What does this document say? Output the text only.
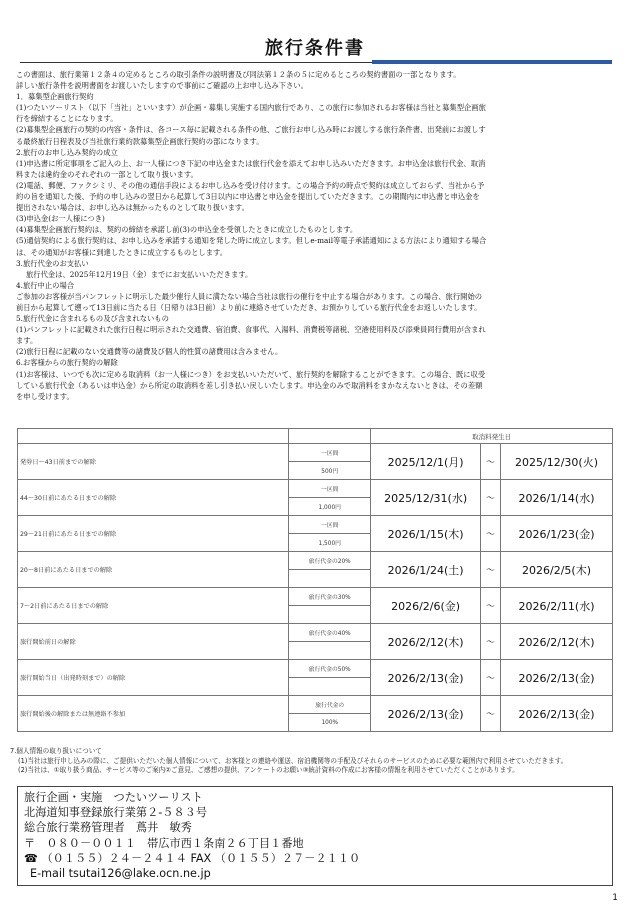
旅行条件書

この書面は、旅行業第１２条４の定めるところの取引条件の説明書及び同法第１２条の５に定めるところの契約書面の一部となります。

詳しい旅行条件を説明書面をお渡しいたしますので事前にご確認の上お申し込み下さい。

1．募集型企画旅行契約

(1)つたいツーリスト（以下「当社」といいます）が企画・募集し実施する国内旅行であり、この旅行に参加されるお客様は当社と募集型企画旅

行を締結することになります。

(2)募集型企画旅行の契約の内容・条件は、各コース毎に記載される条件の他、ご旅行お申し込み時にお渡しする旅行条件書、出発前にお渡しす

る最終旅行日程表及び当社旅行業約款募集型企画旅行契約の部になります。

2.旅行のお申し込み契約の成立

(1)申込書に所定事項をご記入の上、お一人様につき下記の申込金または旅行代金を添えてお申し込みいただきます。お申込金は旅行代金、取消

料または違約金のそれぞれの一部として取り扱います。

(2)電話、郵便、ファクシミリ、その他の通信手段によるお申し込みを受け付けます。この場合予約の時点で契約は成立しておらず、当社から予

約の旨を通知した後、予約の申し込みの翌日から起算して3日以内に申込書と申込金を提出していただきます。この期間内に申込書と申込金を

提出されない場合は、お申し込みは無かったものとして取り扱います。

(3)申込金(お一人様につき)

(4)募集型企画旅行契約は、契約の締結を承諾し前(3)の申込金を受領したときに成立したものとします。

(5)通信契約による旅行契約は、お申し込みを承諾する通知を発した時に成立します。但しe-mail等電子承諾通知による方法により通知する場合

は、その通知がお客様に到達したときに成立するものとします。

3.旅行代金のお支払い

旅行代金は、2025年12月19日（金）までにお支払いいただきます。

4.旅行中止の場合

ご参加のお客様が当パンフレットに明示した最少催行人員に満たない場合当社は旅行の催行を中止する場合があります。この場合、旅行開始の

前日から起算して遡って13日前に当たる日（日帰りは3日前）より前に連絡させていただき、お預かりしている旅行代金をお返しいたします。

5.旅行代金に含まれるもの及び含まれないもの

(1)パンフレットに記載された旅行日程に明示された交通費、宿泊費、食事代、入湯料、消費税等諸税、空港使用料及び添乗員同行費用が含まれ

ます。

(2)旅行日程に記載のない交通費等の諸費及び個人的性質の諸費用は含みません。

6.お客様からの旅行契約の解除

(1)お客様は、いつでも次に定める取消料（お一人様につき）をお支払いいただいて、旅行契約を解除することができます。この場合、既に収受

している旅行代金（あるいは申込金）から所定の取消料を差し引き払い戻しいたします。申込金のみで取消料をまかなえないときは、その差額

を申し受けます。

		取消料発生日		
発券日〜43日前までの解除	一区間	2025/12/1(月)	〜	2025/12/30(火)
	500円			
44〜30日前にあたる日までの解除	一区間	2025/12/31(水)	〜	2026/1/14(水)
	1,000円			
29〜21日前にあたる日までの解除	一区間	2026/1/15(木)	〜	2026/1/23(金)
	1,500円			
20〜8日前にあたる日までの解除	旅行代金の20%	2026/1/24(土)	〜	2026/2/5(木)

7〜2日前にあたる日までの解除	旅行代金の30%	2026/2/6(金)	〜	2026/2/11(水)

旅行開始前日の解除	旅行代金の40%	2026/2/12(木)	〜	2026/2/12(木)

旅行開始当日（出発時刻まで）の解除	旅行代金の50%	2026/2/13(金)	〜	2026/2/13(金)

旅行開始後の解除または無連絡不参加	旅行代金の	2026/2/13(金)	〜	2026/2/13(金)
	100%			

7.個人情報の取り扱いについて

(1)当社は旅行申し込みの際に、ご提供いただいた個人情報について、お客様との連絡や運送、宿泊機関等の手配及びそれらのサービスのために必要な範囲内で利用させていただきます。

(2)当社は、①取り扱う商品、サービス等のご案内②ご意見、ご感想の提供、アンケートのお願い③統計資料の作成にお客様の情報を利用させていただくことがあります。

旅行企画・実施　つたいツーリスト

北海道知事登録旅行業第２-５８３号

総合旅行業務管理者　蔦井　敏秀

〒　０８０－００１１　帯広市西１条南２６丁目１番地

☎ （０１５５）２４－２４１４ FAX （０１５５）２７－２１１０

E-mail tsutai126@lake.ocn.ne.jp

1
